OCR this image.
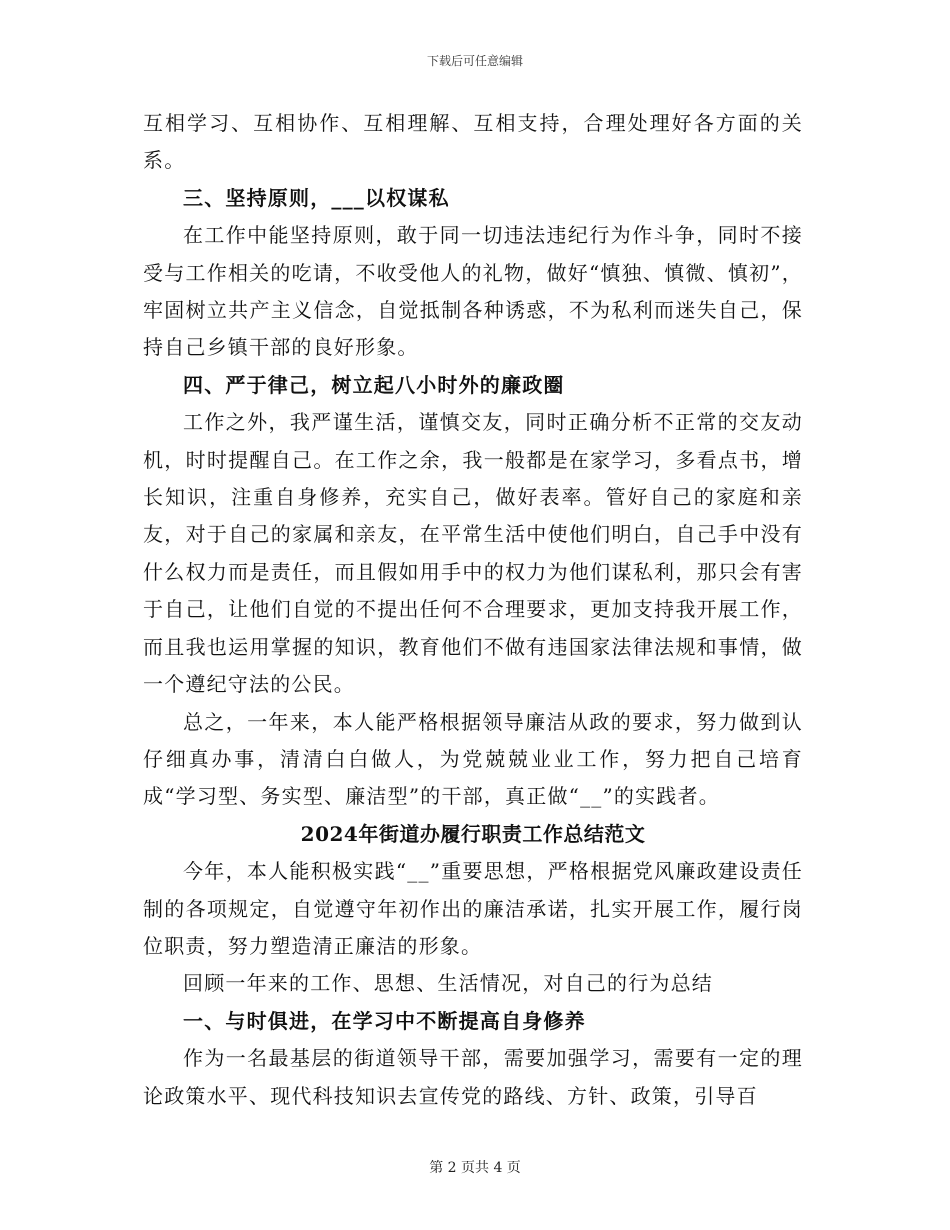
下载后可任意编辑

互相学习、互相协作、互相理解、互相支持，合理处理好各方面的关系。

三、坚持原则，___以权谋私

在工作中能坚持原则，敢于同一切违法违纪行为作斗争，同时不接受与工作相关的吃请，不收受他人的礼物，做好“慎独、慎微、慎初”，牢固树立共产主义信念，自觉抵制各种诱惑，不为私利而迷失自己，保持自己乡镇干部的良好形象。

四、严于律己，树立起八小时外的廉政圈

工作之外，我严谨生活，谨慎交友，同时正确分析不正常的交友动机，时时提醒自己。在工作之余，我一般都是在家学习，多看点书，增长知识，注重自身修养，充实自己，做好表率。管好自己的家庭和亲友，对于自己的家属和亲友，在平常生活中使他们明白，自己手中没有什么权力而是责任，而且假如用手中的权力为他们谋私利，那只会有害于自己，让他们自觉的不提出任何不合理要求，更加支持我开展工作，而且我也运用掌握的知识，教育他们不做有违国家法律法规和事情，做一个遵纪守法的公民。

总之，一年来，本人能严格根据领导廉洁从政的要求，努力做到认仔细真办事，清清白白做人，为党兢兢业业工作，努力把自己培育成“学习型、务实型、廉洁型”的干部，真正做“__”的实践者。

2024年街道办履行职责工作总结范文

今年，本人能积极实践“__”重要思想，严格根据党风廉政建设责任制的各项规定，自觉遵守年初作出的廉洁承诺，扎实开展工作，履行岗位职责，努力塑造清正廉洁的形象。

回顾一年来的工作、思想、生活情况，对自己的行为总结

一、与时俱进，在学习中不断提高自身修养

作为一名最基层的街道领导干部，需要加强学习，需要有一定的理论政策水平、现代科技知识去宣传党的路线、方针、政策，引导百

第 2 页共 4 页
